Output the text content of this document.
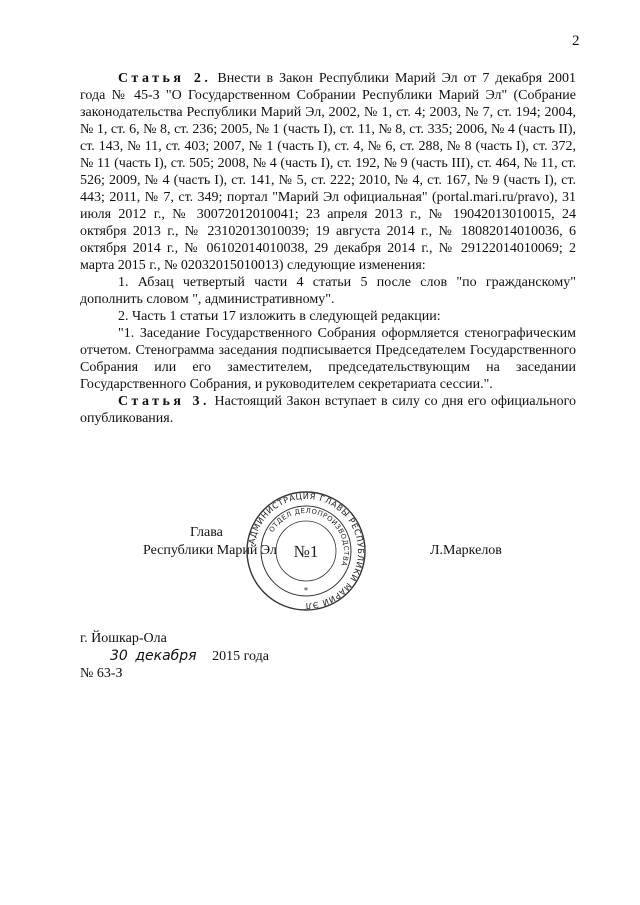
2

Статья 2. Внести в Закон Республики Марий Эл от 7 декабря 2001 года № 45-З "О Государственном Собрании Республики Марий Эл" (Собрание законодательства Республики Марий Эл, 2002, № 1, ст. 4; 2003, № 7, ст. 194; 2004, № 1, ст. 6, № 8, ст. 236; 2005, № 1 (часть I), ст. 11, № 8, ст. 335; 2006, № 4 (часть II), ст. 143, № 11, ст. 403; 2007, № 1 (часть I), ст. 4, № 6, ст. 288, № 8 (часть I), ст. 372, № 11 (часть I), ст. 505; 2008, № 4 (часть I), ст. 192, № 9 (часть III), ст. 464, № 11, ст. 526; 2009, № 4 (часть I), ст. 141, № 5, ст. 222; 2010, № 4, ст. 167, № 9 (часть I), ст. 443; 2011, № 7, ст. 349; портал "Марий Эл официальная" (portal.mari.ru/pravo), 31 июля 2012 г., № 30072012010041; 23 апреля 2013 г., № 19042013010015, 24 октября 2013 г., № 23102013010039; 19 августа 2014 г., № 18082014010036, 6 октября 2014 г., № 06102014010038, 29 декабря 2014 г., № 29122014010069; 2 марта 2015 г., № 02032015010013) следующие изменения:

1. Абзац четвертый части 4 статьи 5 после слов "по гражданскому" дополнить словом ", административному".

2. Часть 1 статьи 17 изложить в следующей редакции:

"1. Заседание Государственного Собрания оформляется стенографическим отчетом. Стенограмма заседания подписывается Председателем Государственного Собрания или его заместителем, председательствующим на заседании Государственного Собрания, и руководителем секретариата сессии.".

Статья 3. Настоящий Закон вступает в силу со дня его официального опубликования.

Глава
Республики Марий Эл	Л.Маркелов
АДМИНИСТРАЦИЯ ГЛАВЫ РЕСПУБЛИКИ МАРИЙ ЭЛ
ОТДЕЛ ДЕЛОПРОИЗВОДСТВА
№1
*
г. Йошкар-Ола
30 декабря 2015 года
№ 63-З
